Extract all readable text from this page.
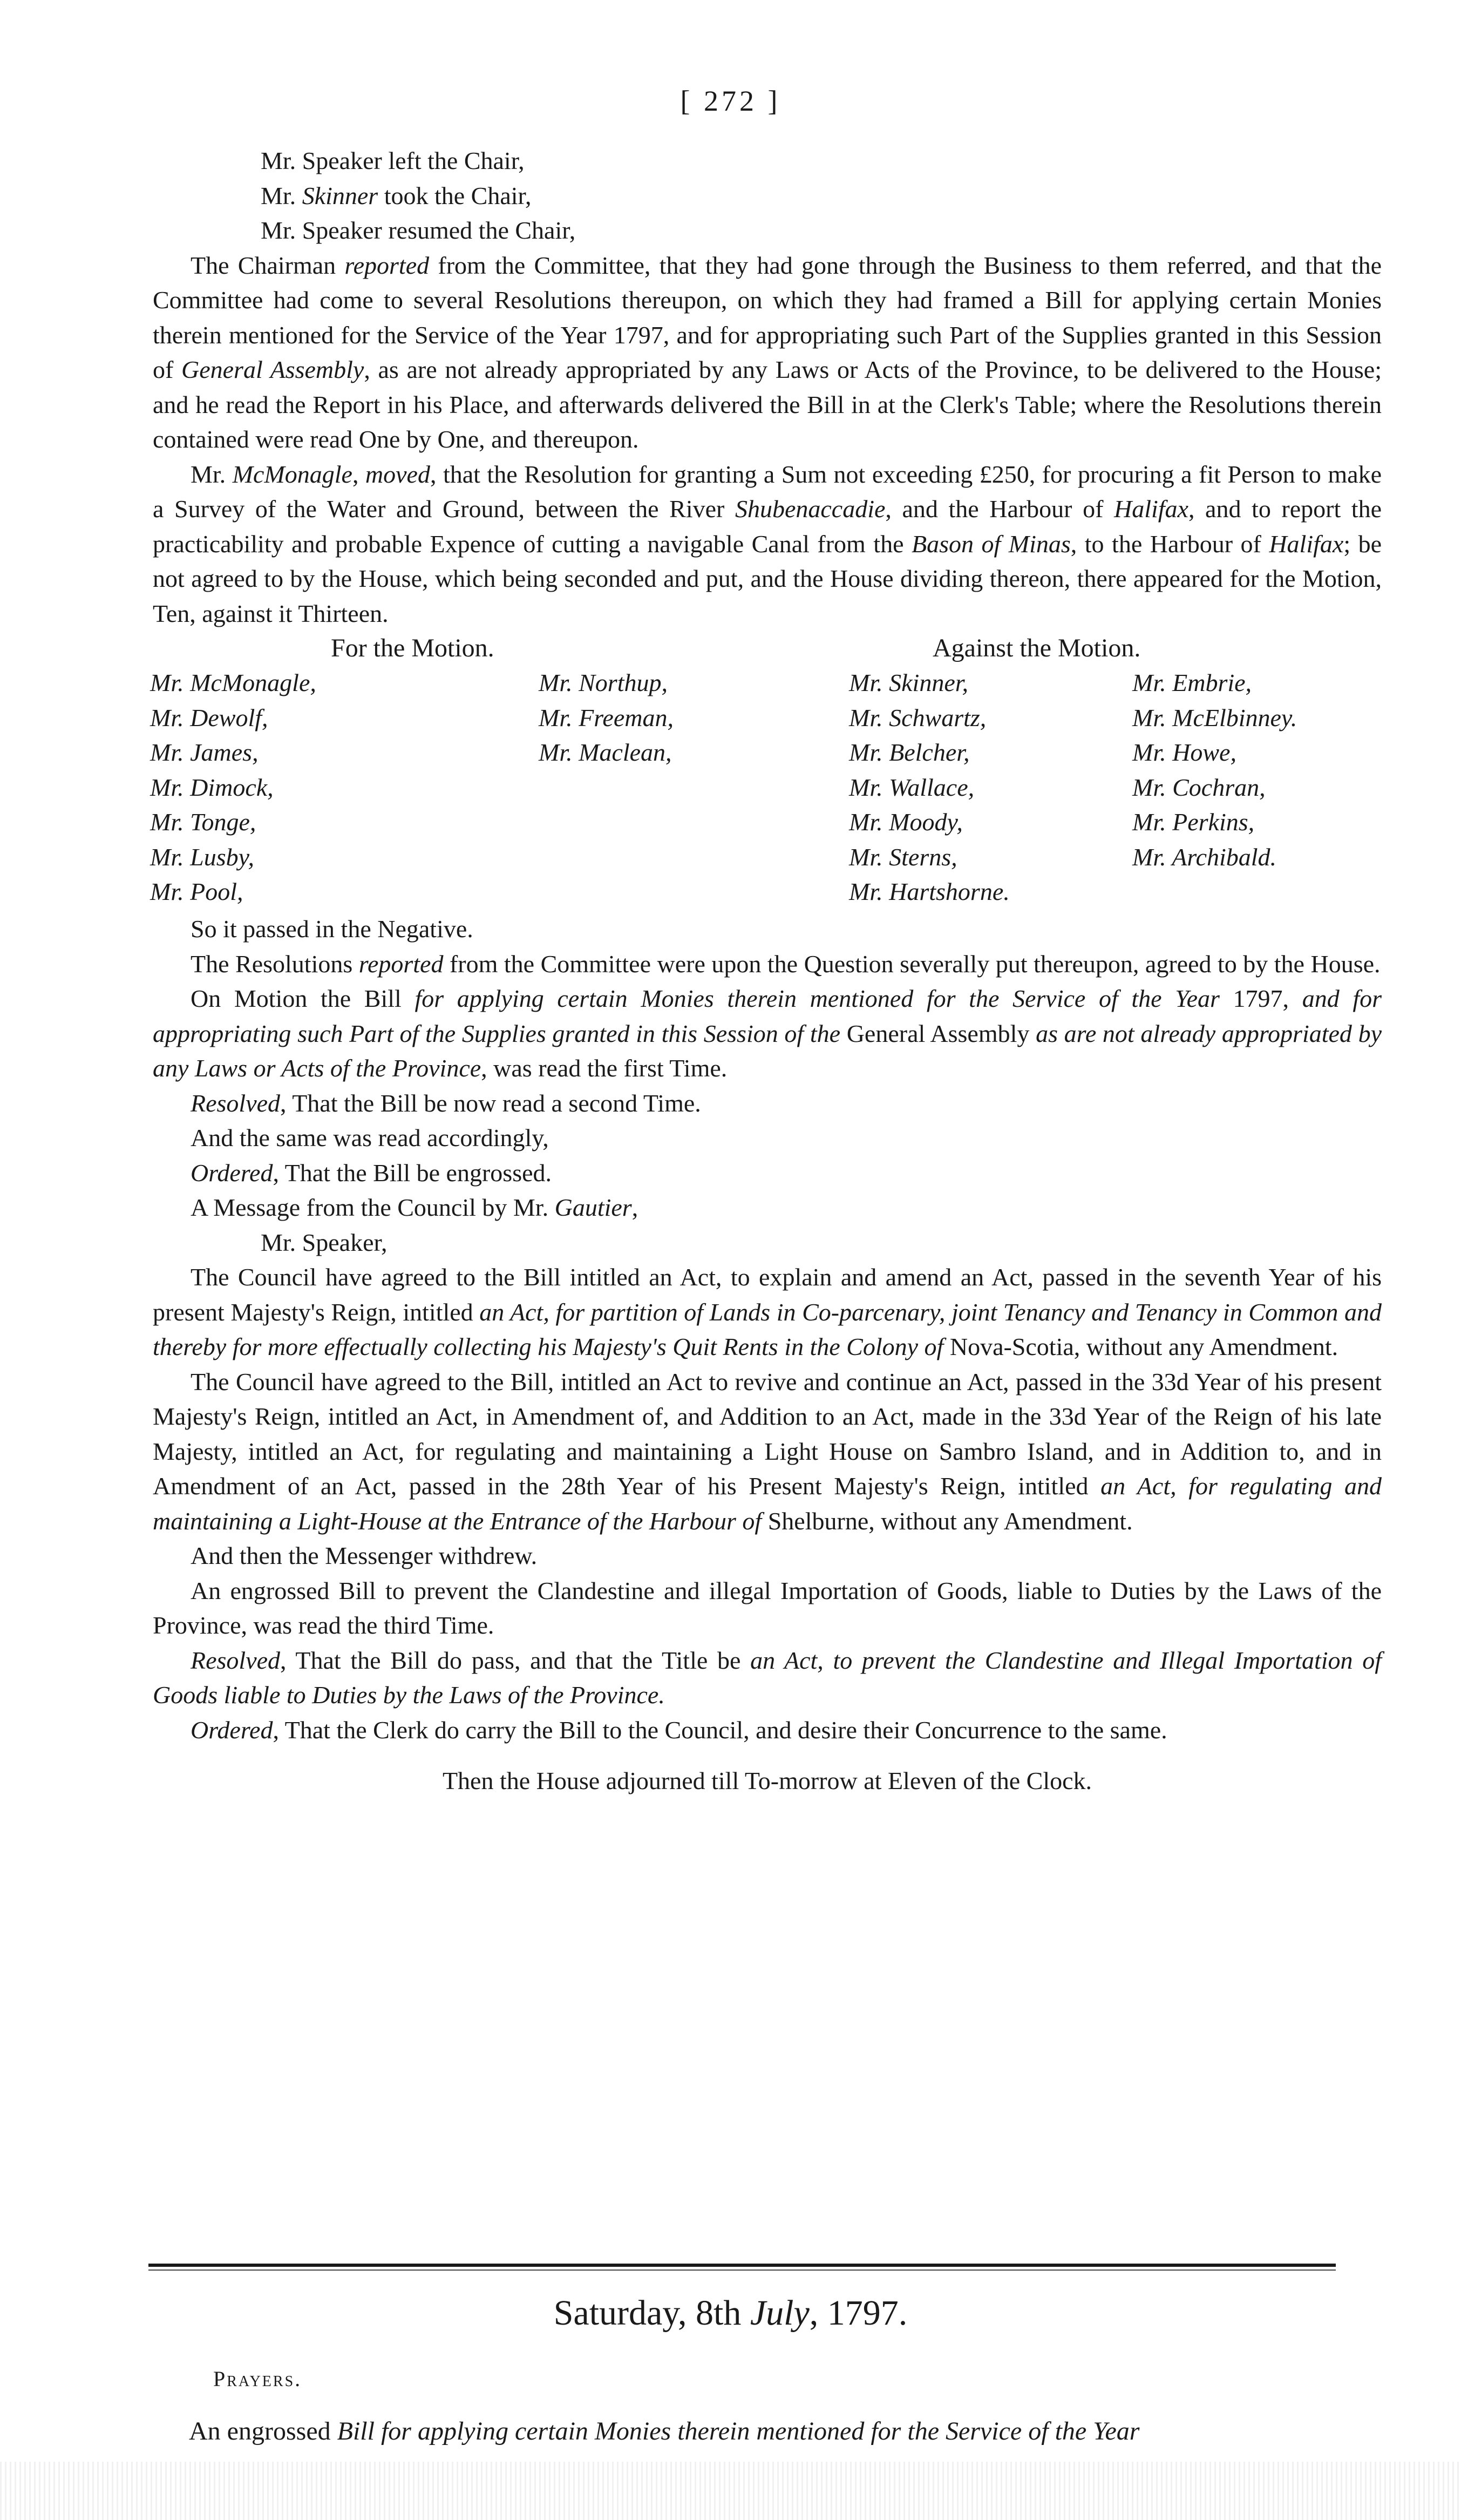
[ 272 ]

Mr. Speaker left the Chair,

Mr. Skinner took the Chair,

Mr. Speaker resumed the Chair,

The Chairman reported from the Committee, that they had gone through the Business to them referred, and that the Committee had come to several Resolutions thereupon, on which they had framed a Bill for applying certain Monies therein mentioned for the Service of the Year 1797, and for appropriating such Part of the Supplies granted in this Session of General Assembly, as are not already appropriated by any Laws or Acts of the Province, to be delivered to the House; and he read the Report in his Place, and afterwards delivered the Bill in at the Clerk's Table; where the Resolutions therein contained were read One by One, and thereupon.

Mr. McMonagle, moved, that the Resolution for granting a Sum not exceeding £250, for procuring a fit Person to make a Survey of the Water and Ground, between the River Shubenaccadie, and the Harbour of Halifax, and to report the practicability and probable Expence of cutting a navigable Canal from the Bason of Minas, to the Harbour of Halifax; be not agreed to by the House, which being seconded and put, and the House dividing thereon, there appeared for the Motion, Ten, against it Thirteen.

For the Motion.	Against the Motion.
Mr. McMonagle,
Mr. Dewolf,
Mr. James,
Mr. Dimock,
Mr. Tonge,
Mr. Lusby,
Mr. Pool,
Mr. Northup,
Mr. Freeman,
Mr. Maclean,
Mr. Skinner,
Mr. Schwartz,
Mr. Belcher,
Mr. Wallace,
Mr. Moody,
Mr. Sterns,
Mr. Hartshorne.
Mr. Embrie,
Mr. McElbinney.
Mr. Howe,
Mr. Cochran,
Mr. Perkins,
Mr. Archibald.

So it passed in the Negative.

The Resolutions reported from the Committee were upon the Question severally put thereupon, agreed to by the House.

On Motion the Bill for applying certain Monies therein mentioned for the Service of the Year 1797, and for appropriating such Part of the Supplies granted in this Session of the General Assembly as are not already appropriated by any Laws or Acts of the Province, was read the first Time.

Resolved, That the Bill be now read a second Time.

And the same was read accordingly,

Ordered, That the Bill be engrossed.

A Message from the Council by Mr. Gautier,

Mr. Speaker,

The Council have agreed to the Bill intitled an Act, to explain and amend an Act, passed in the seventh Year of his present Majesty's Reign, intitled an Act, for partition of Lands in Co-parcenary, joint Tenancy and Tenancy in Common and thereby for more effectually collecting his Majesty's Quit Rents in the Colony of Nova-Scotia, without any Amendment.

The Council have agreed to the Bill, intitled an Act to revive and continue an Act, passed in the 33d Year of his present Majesty's Reign, intitled an Act, in Amendment of, and Addition to an Act, made in the 33d Year of the Reign of his late Majesty, intitled an Act, for regulating and maintaining a Light House on Sambro Island, and in Addition to, and in Amendment of an Act, passed in the 28th Year of his Present Majesty's Reign, intitled an Act, for regulating and maintaining a Light-House at the Entrance of the Harbour of Shelburne, without any Amendment.

And then the Messenger withdrew.

An engrossed Bill to prevent the Clandestine and illegal Importation of Goods, liable to Duties by the Laws of the Province, was read the third Time.

Resolved, That the Bill do pass, and that the Title be an Act, to prevent the Clandestine and Illegal Importation of Goods liable to Duties by the Laws of the Province.

Ordered, That the Clerk do carry the Bill to the Council, and desire their Concurrence to the same.

Then the House adjourned till To-morrow at Eleven of the Clock.

Saturday, 8th July, 1797.
Prayers.
An engrossed Bill for applying certain Monies therein mentioned for the Service of the Year
